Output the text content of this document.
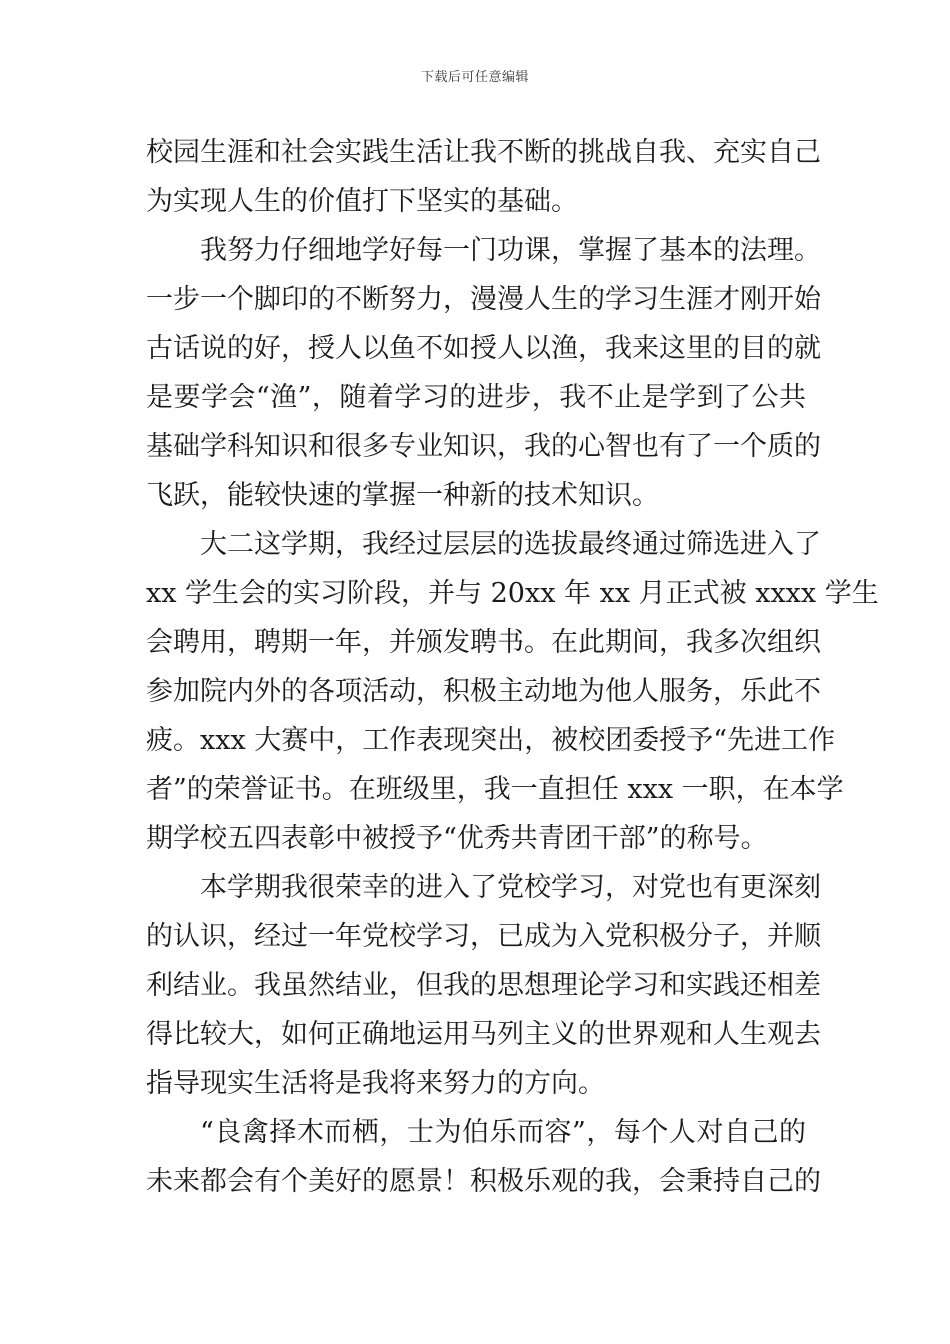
下载后可任意编辑
校园生涯和社会实践生活让我不断的挑战自我、充实自己
为实现人生的价值打下坚实的基础。
我努力仔细地学好每一门功课，掌握了基本的法理。
一步一个脚印的不断努力，漫漫人生的学习生涯才刚开始
古话说的好，授人以鱼不如授人以渔，我来这里的目的就
是要学会“渔”，随着学习的进步，我不止是学到了公共
基础学科知识和很多专业知识，我的心智也有了一个质的
飞跃，能较快速的掌握一种新的技术知识。
大二这学期，我经过层层的选拔最终通过筛选进入了
xx 学生会的实习阶段，并与 20xx 年 xx 月正式被 xxxx 学生
会聘用，聘期一年，并颁发聘书。在此期间，我多次组织
参加院内外的各项活动，积极主动地为他人服务，乐此不
疲。xxx 大赛中，工作表现突出，被校团委授予“先进工作
者”的荣誉证书。在班级里，我一直担任 xxx 一职，在本学
期学校五四表彰中被授予“优秀共青团干部”的称号。
本学期我很荣幸的进入了党校学习，对党也有更深刻
的认识，经过一年党校学习，已成为入党积极分子，并顺
利结业。我虽然结业，但我的思想理论学习和实践还相差
得比较大，如何正确地运用马列主义的世界观和人生观去
指导现实生活将是我将来努力的方向。
“良禽择木而栖，士为伯乐而容”，每个人对自己的
未来都会有个美好的愿景！积极乐观的我，会秉持自己的
